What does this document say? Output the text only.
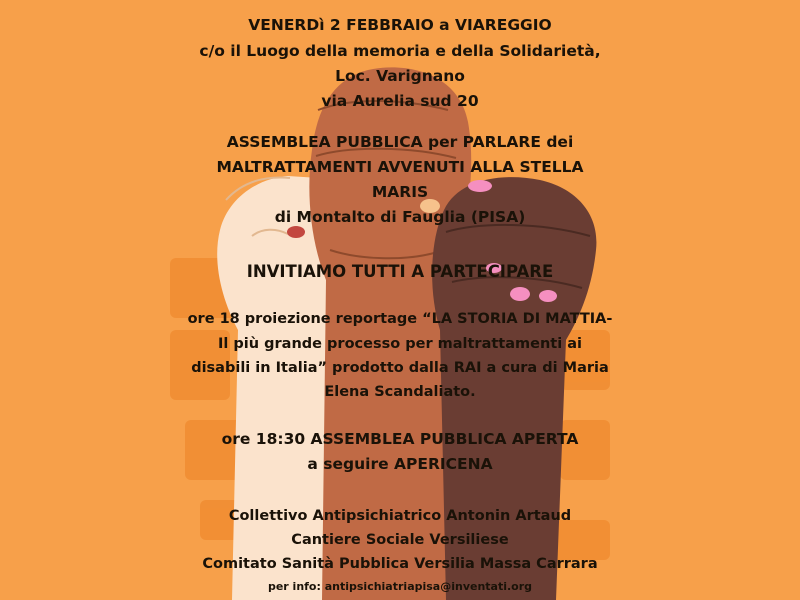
VENERDì 2 FEBBRAIO a VIAREGGIO
c/o il Luogo della memoria e della Solidarietà,
Loc. Varignano
via Aurelia sud 20
ASSEMBLEA PUBBLICA per PARLARE dei
MALTRATTAMENTI AVVENUTI ALLA STELLA
MARIS
di Montalto di Fauglia (PISA)
INVITIAMO TUTTI A PARTECIPARE
ore 18 proiezione reportage “LA STORIA DI MATTIA-
Il più grande processo per maltrattamenti ai
disabili in Italia” prodotto dalla RAI a cura di Maria
Elena Scandaliato.
ore 18:30 ASSEMBLEA PUBBLICA APERTA
a seguire APERICENA
Collettivo Antipsichiatrico Antonin Artaud
Cantiere Sociale Versiliese
Comitato Sanità Pubblica Versilia Massa Carrara
per info: antipsichiatriapisa@inventati.org
